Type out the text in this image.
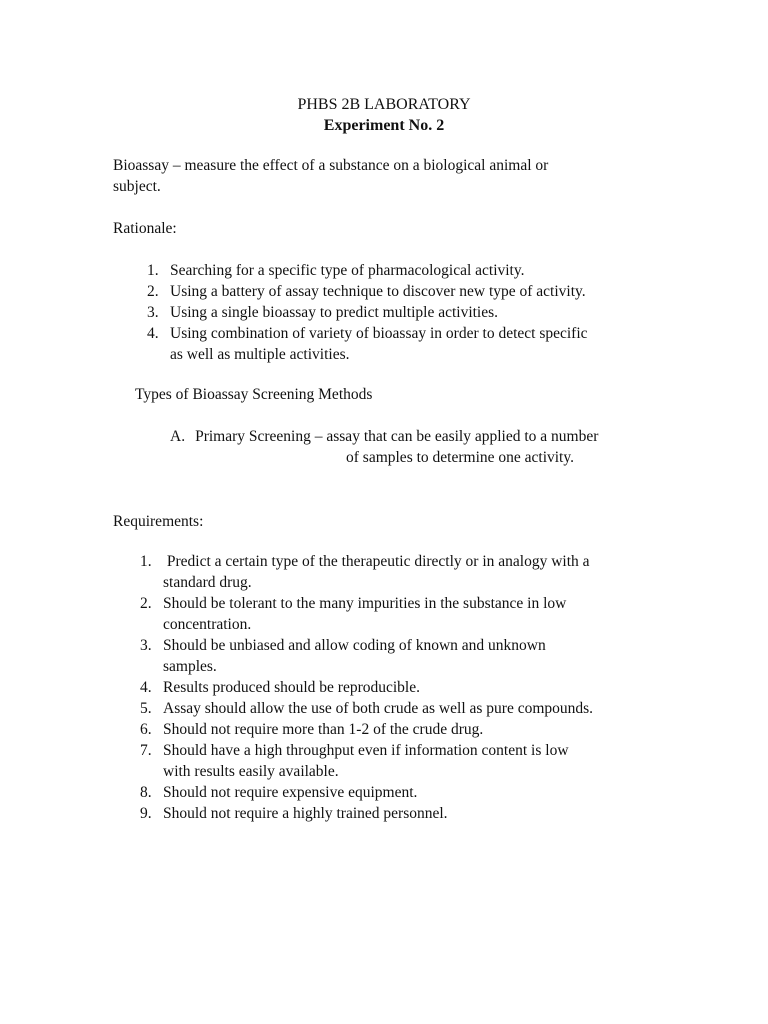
PHBS 2B LABORATORY
Experiment No. 2
Bioassay – measure the effect of a substance on a biological animal or
subject.
Rationale:
1. Searching for a specific type of pharmacological activity.
2. Using a battery of assay technique to discover new type of activity.
3. Using a single bioassay to predict multiple activities.
4. Using combination of variety of bioassay in order to detect specific
as well as multiple activities.
Types of Bioassay Screening Methods
A. Primary Screening – assay that can be easily applied to a number
of samples to determine one activity.
Requirements:
1. Predict a certain type of the therapeutic directly or in analogy with a
standard drug.
2. Should be tolerant to the many impurities in the substance in low
concentration.
3. Should be unbiased and allow coding of known and unknown
samples.
4. Results produced should be reproducible.
5. Assay should allow the use of both crude as well as pure compounds.
6. Should not require more than 1-2 of the crude drug.
7. Should have a high throughput even if information content is low
with results easily available.
8. Should not require expensive equipment.
9. Should not require a highly trained personnel.
